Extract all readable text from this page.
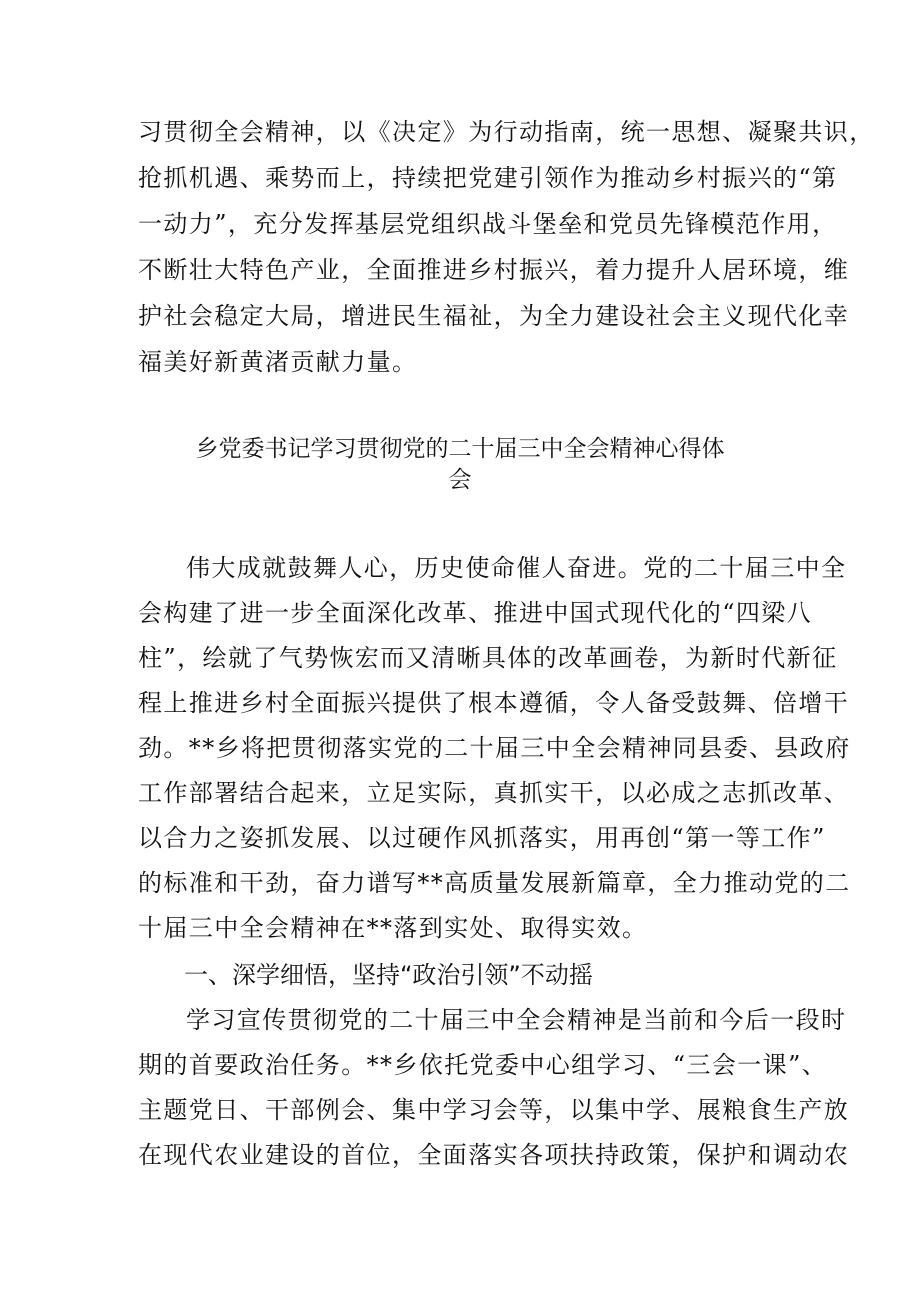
习贯彻全会精神，以《决定》为行动指南，统一思想、凝聚共识，
抢抓机遇、乘势而上，持续把党建引领作为推动乡村振兴的“第
一动力”，充分发挥基层党组织战斗堡垒和党员先锋模范作用，
不断壮大特色产业，全面推进乡村振兴，着力提升人居环境，维
护社会稳定大局，增进民生福祉，为全力建设社会主义现代化幸
福美好新黄渚贡献力量。
乡党委书记学习贯彻党的二十届三中全会精神心得体
会
伟大成就鼓舞人心，历史使命催人奋进。党的二十届三中全
会构建了进一步全面深化改革、推进中国式现代化的“四梁八
柱”，绘就了气势恢宏而又清晰具体的改革画卷，为新时代新征
程上推进乡村全面振兴提供了根本遵循，令人备受鼓舞、倍增干
劲。**乡将把贯彻落实党的二十届三中全会精神同县委、县政府
工作部署结合起来，立足实际，真抓实干，以必成之志抓改革、
以合力之姿抓发展、以过硬作风抓落实，用再创“第一等工作”
的标准和干劲，奋力谱写**高质量发展新篇章，全力推动党的二
十届三中全会精神在**落到实处、取得实效。
一、深学细悟，坚持“政治引领”不动摇
学习宣传贯彻党的二十届三中全会精神是当前和今后一段时
期的首要政治任务。**乡依托党委中心组学习、“三会一课”、
主题党日、干部例会、集中学习会等，以集中学、展粮食生产放
在现代农业建设的首位，全面落实各项扶持政策，保护和调动农
